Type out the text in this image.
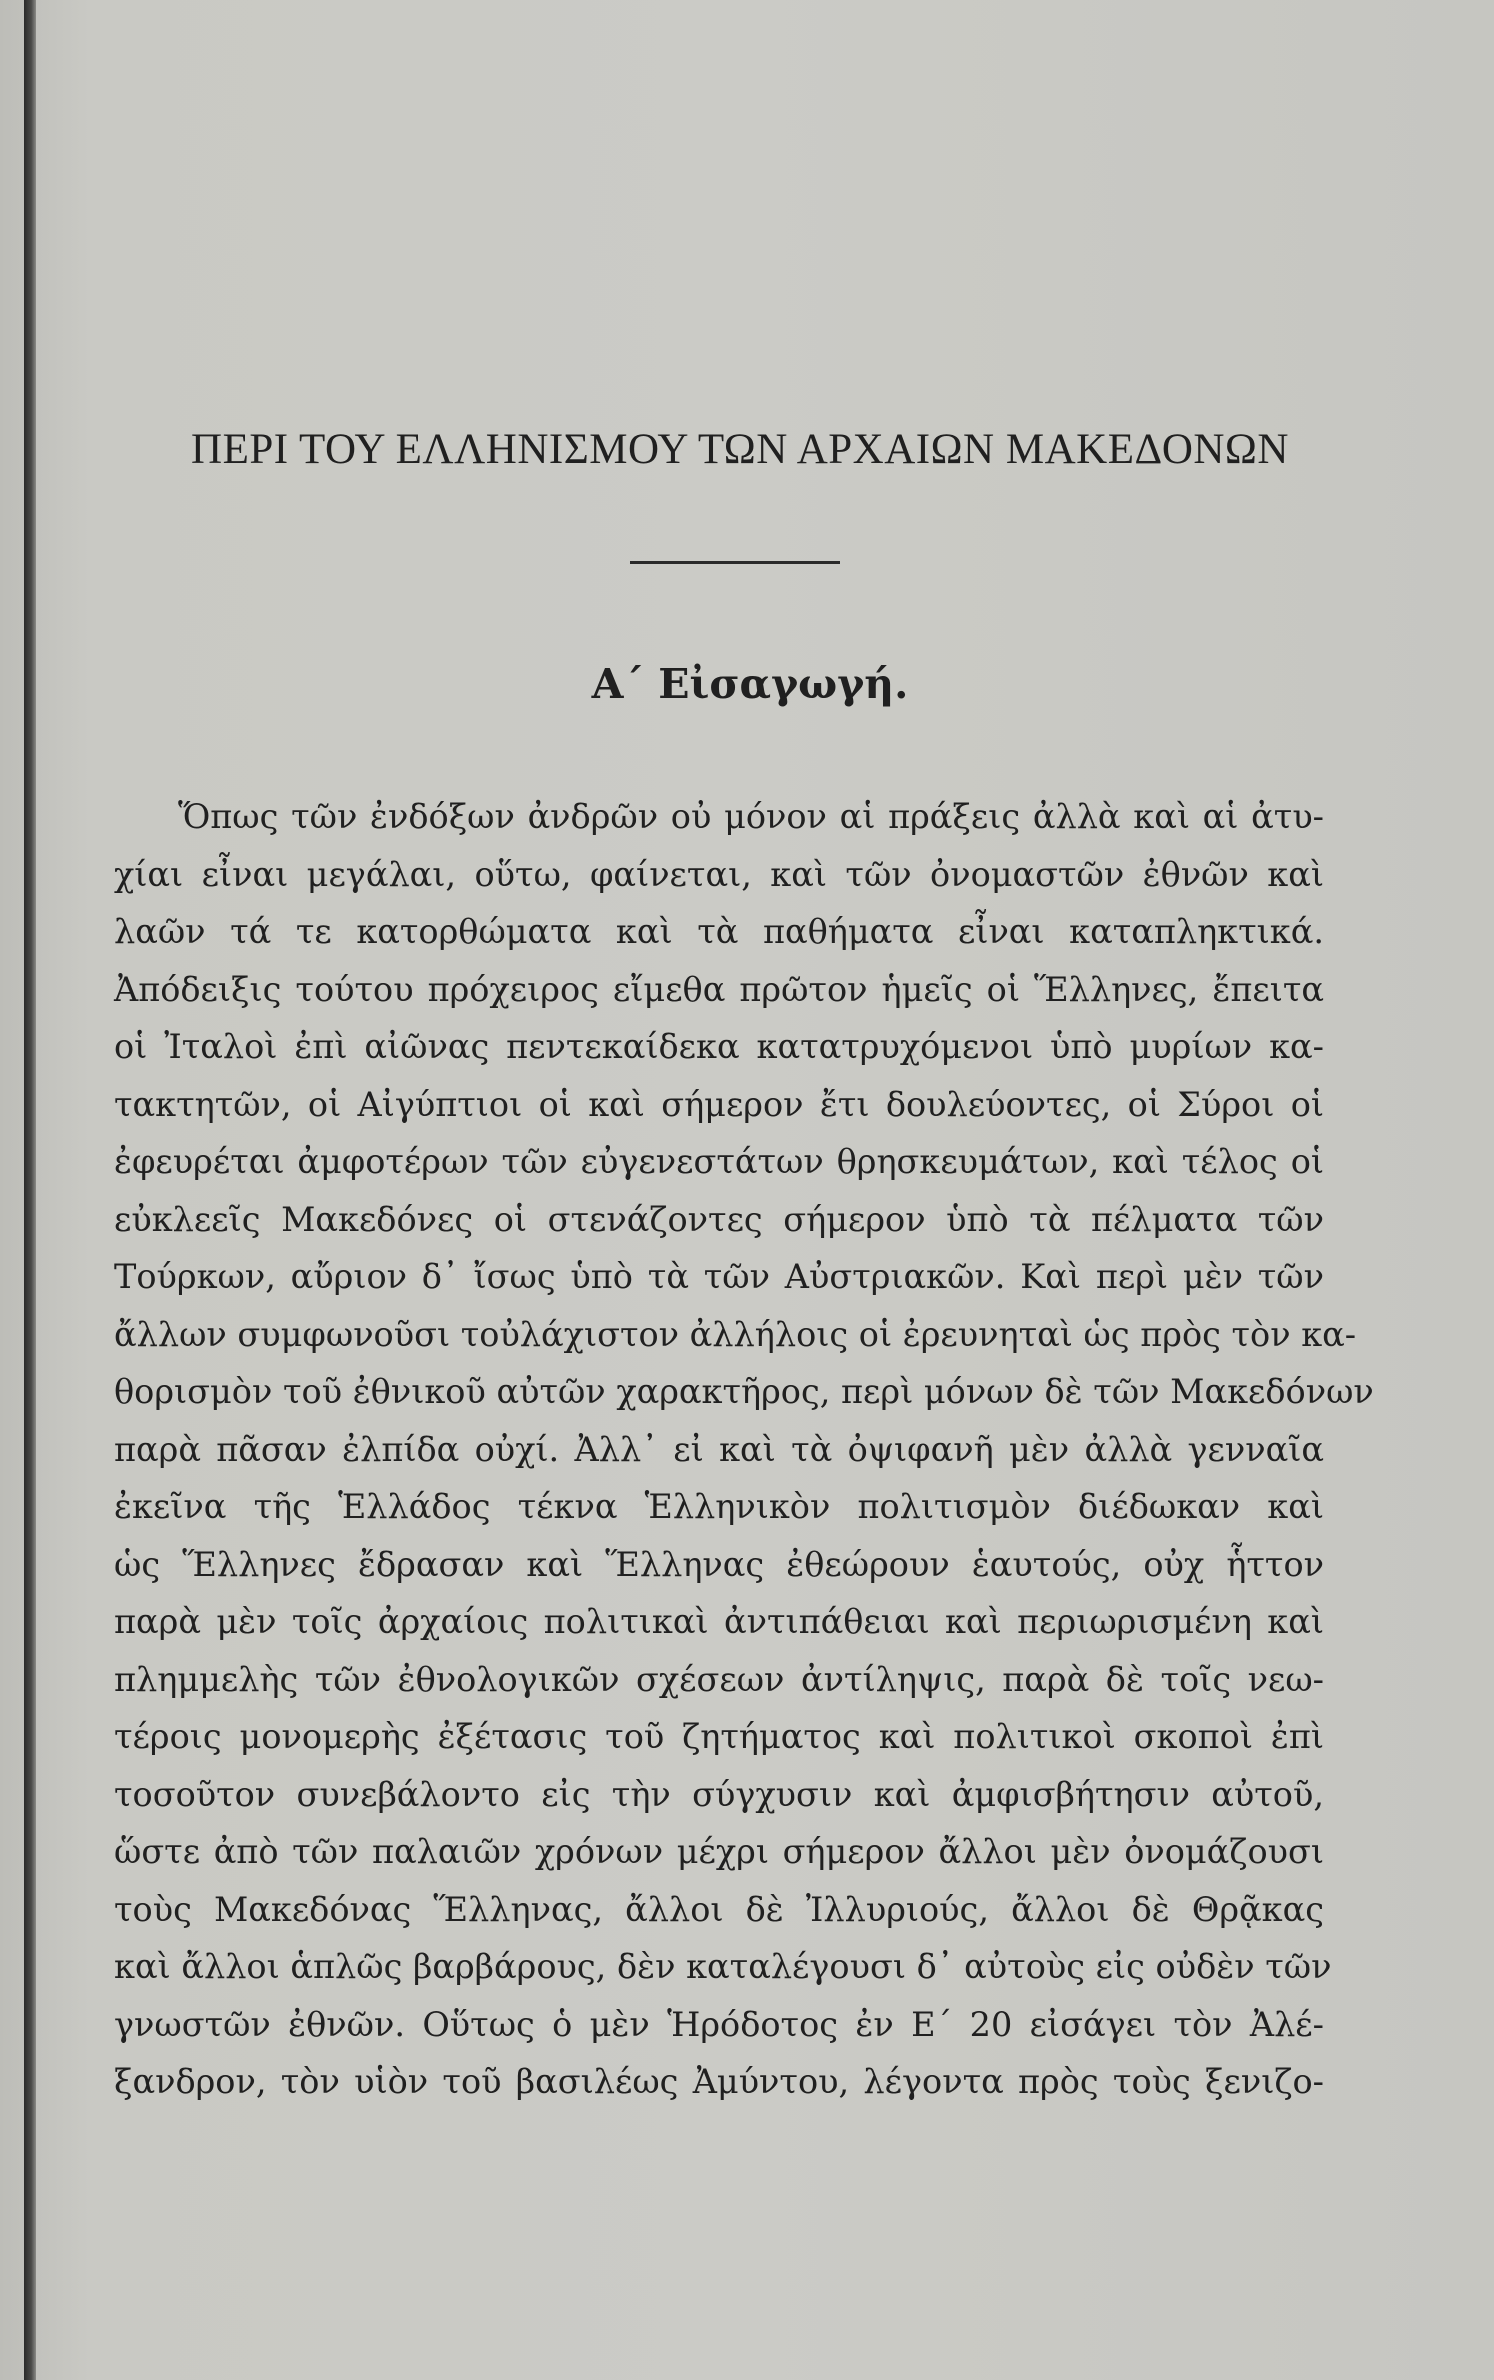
ΠΕΡΙ ΤΟΥ ΕΛΛΗΝΙΣΜΟΥ ΤΩΝ ΑΡΧΑΙΩΝ ΜΑΚΕΔΟΝΩΝ
Α΄ Εἰσαγωγή.
Ὅπως τῶν ἐνδόξων ἀνδρῶν οὐ μόνον αἱ πράξεις ἀλλὰ καὶ αἱ ἀτυ-
χίαι εἶναι μεγάλαι, οὕτω, φαίνεται, καὶ τῶν ὀνομαστῶν ἐθνῶν καὶ
λαῶν τά τε κατορθώματα καὶ τὰ παθήματα εἶναι καταπληκτικά.
Ἀπόδειξις τούτου πρόχειρος εἴμεθα πρῶτον ἡμεῖς οἱ Ἕλληνες, ἔπειτα
οἱ Ἰταλοὶ ἐπὶ αἰῶνας πεντεκαίδεκα κατατρυχόμενοι ὑπὸ μυρίων κα-
τακτητῶν, οἱ Αἰγύπτιοι οἱ καὶ σήμερον ἔτι δουλεύοντες, οἱ Σύροι οἱ
ἐφευρέται ἀμφοτέρων τῶν εὐγενεστάτων θρησκευμάτων, καὶ τέλος οἱ
εὐκλεεῖς Μακεδόνες οἱ στενάζοντες σήμερον ὑπὸ τὰ πέλματα τῶν
Τούρκων, αὔριον δ᾽ ἴσως ὑπὸ τὰ τῶν Αὐστριακῶν. Καὶ περὶ μὲν τῶν
ἄλλων συμφωνοῦσι τοὐλάχιστον ἀλλήλοις οἱ ἐρευνηταὶ ὡς πρὸς τὸν κα-
θορισμὸν τοῦ ἐθνικοῦ αὐτῶν χαρακτῆρος, περὶ μόνων δὲ τῶν Μακεδόνων
παρὰ πᾶσαν ἐλπίδα οὐχί. Ἀλλ᾽ εἰ καὶ τὰ ὀψιφανῆ μὲν ἀλλὰ γενναῖα
ἐκεῖνα τῆς Ἑλλάδος τέκνα Ἑλληνικὸν πολιτισμὸν διέδωκαν καὶ
ὡς Ἕλληνες ἔδρασαν καὶ Ἕλληνας ἐθεώρουν ἑαυτούς, οὐχ ἧττον
παρὰ μὲν τοῖς ἀρχαίοις πολιτικαὶ ἀντιπάθειαι καὶ περιωρισμένη καὶ
πλημμελὴς τῶν ἐθνολογικῶν σχέσεων ἀντίληψις, παρὰ δὲ τοῖς νεω-
τέροις μονομερὴς ἐξέτασις τοῦ ζητήματος καὶ πολιτικοὶ σκοποὶ ἐπὶ
τοσοῦτον συνεβάλοντο εἰς τὴν σύγχυσιν καὶ ἀμφισβήτησιν αὐτοῦ,
ὥστε ἀπὸ τῶν παλαιῶν χρόνων μέχρι σήμερον ἄλλοι μὲν ὀνομάζουσι
τοὺς Μακεδόνας Ἕλληνας, ἄλλοι δὲ Ἰλλυριούς, ἄλλοι δὲ Θρᾷκας
καὶ ἄλλοι ἁπλῶς βαρβάρους, δὲν καταλέγουσι δ᾽ αὐτοὺς εἰς οὐδὲν τῶν
γνωστῶν ἐθνῶν. Οὕτως ὁ μὲν Ἡρόδοτος ἐν Ε΄ 20 εἰσάγει τὸν Ἀλέ-
ξανδρον, τὸν υἱὸν τοῦ βασιλέως Ἀμύντου, λέγοντα πρὸς τοὺς ξενιζο-
